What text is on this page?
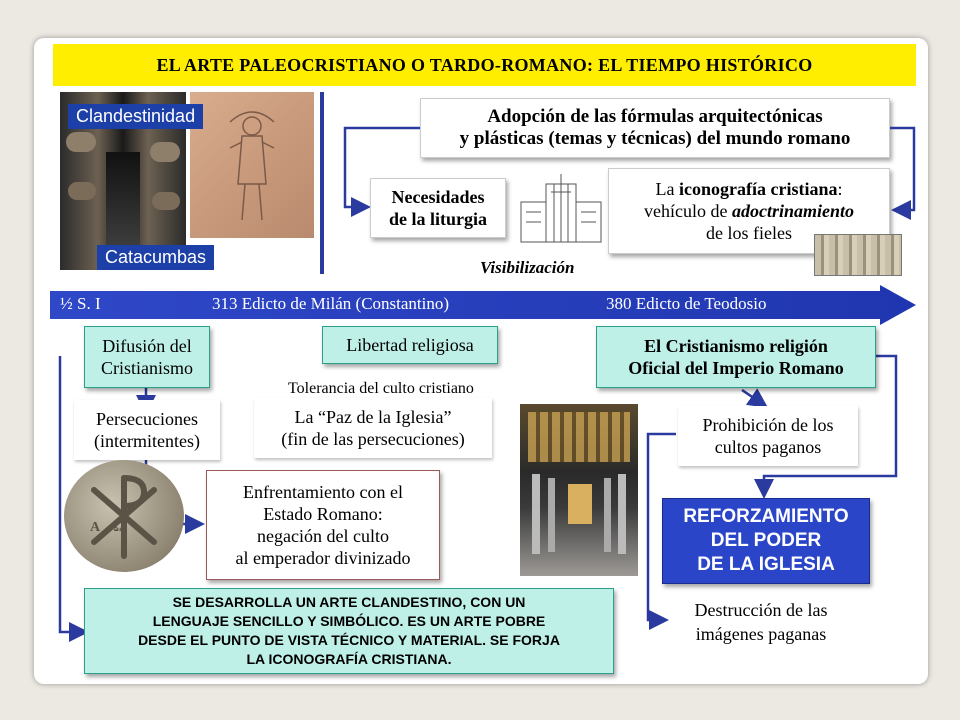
EL ARTE PALEOCRISTIANO O TARDO-ROMANO: EL TIEMPO HISTÓRICO
Clandestinidad
Catacumbas
Adopción de las fórmulas arquitectónicas
y plásticas (temas y técnicas) del mundo romano
Necesidades
de la liturgia
La iconografía cristiana:
vehículo de adoctrinamiento
de los fieles
Visibilización
½ S. I	313 Edicto de Milán (Constantino)	380 Edicto de Teodosio
Difusión del
Cristianismo
Persecuciones
(intermitentes)
A    Ω
Enfrentamiento con el
Estado Romano:
negación del culto
al emperador divinizado
Libertad religiosa
Tolerancia del culto cristiano
La “Paz de la Iglesia”
(fin de las persecuciones)
El Cristianismo religión
Oficial del Imperio Romano
Prohibición de los
cultos paganos
REFORZAMIENTO
DEL PODER
DE LA IGLESIA
Destrucción de las
imágenes paganas
SE DESARROLLA UN ARTE CLANDESTINO, CON UN
LENGUAJE SENCILLO Y SIMBÓLICO. ES UN ARTE POBRE
DESDE EL PUNTO DE VISTA TÉCNICO Y MATERIAL. SE FORJA
LA ICONOGRAFÍA CRISTIANA.
